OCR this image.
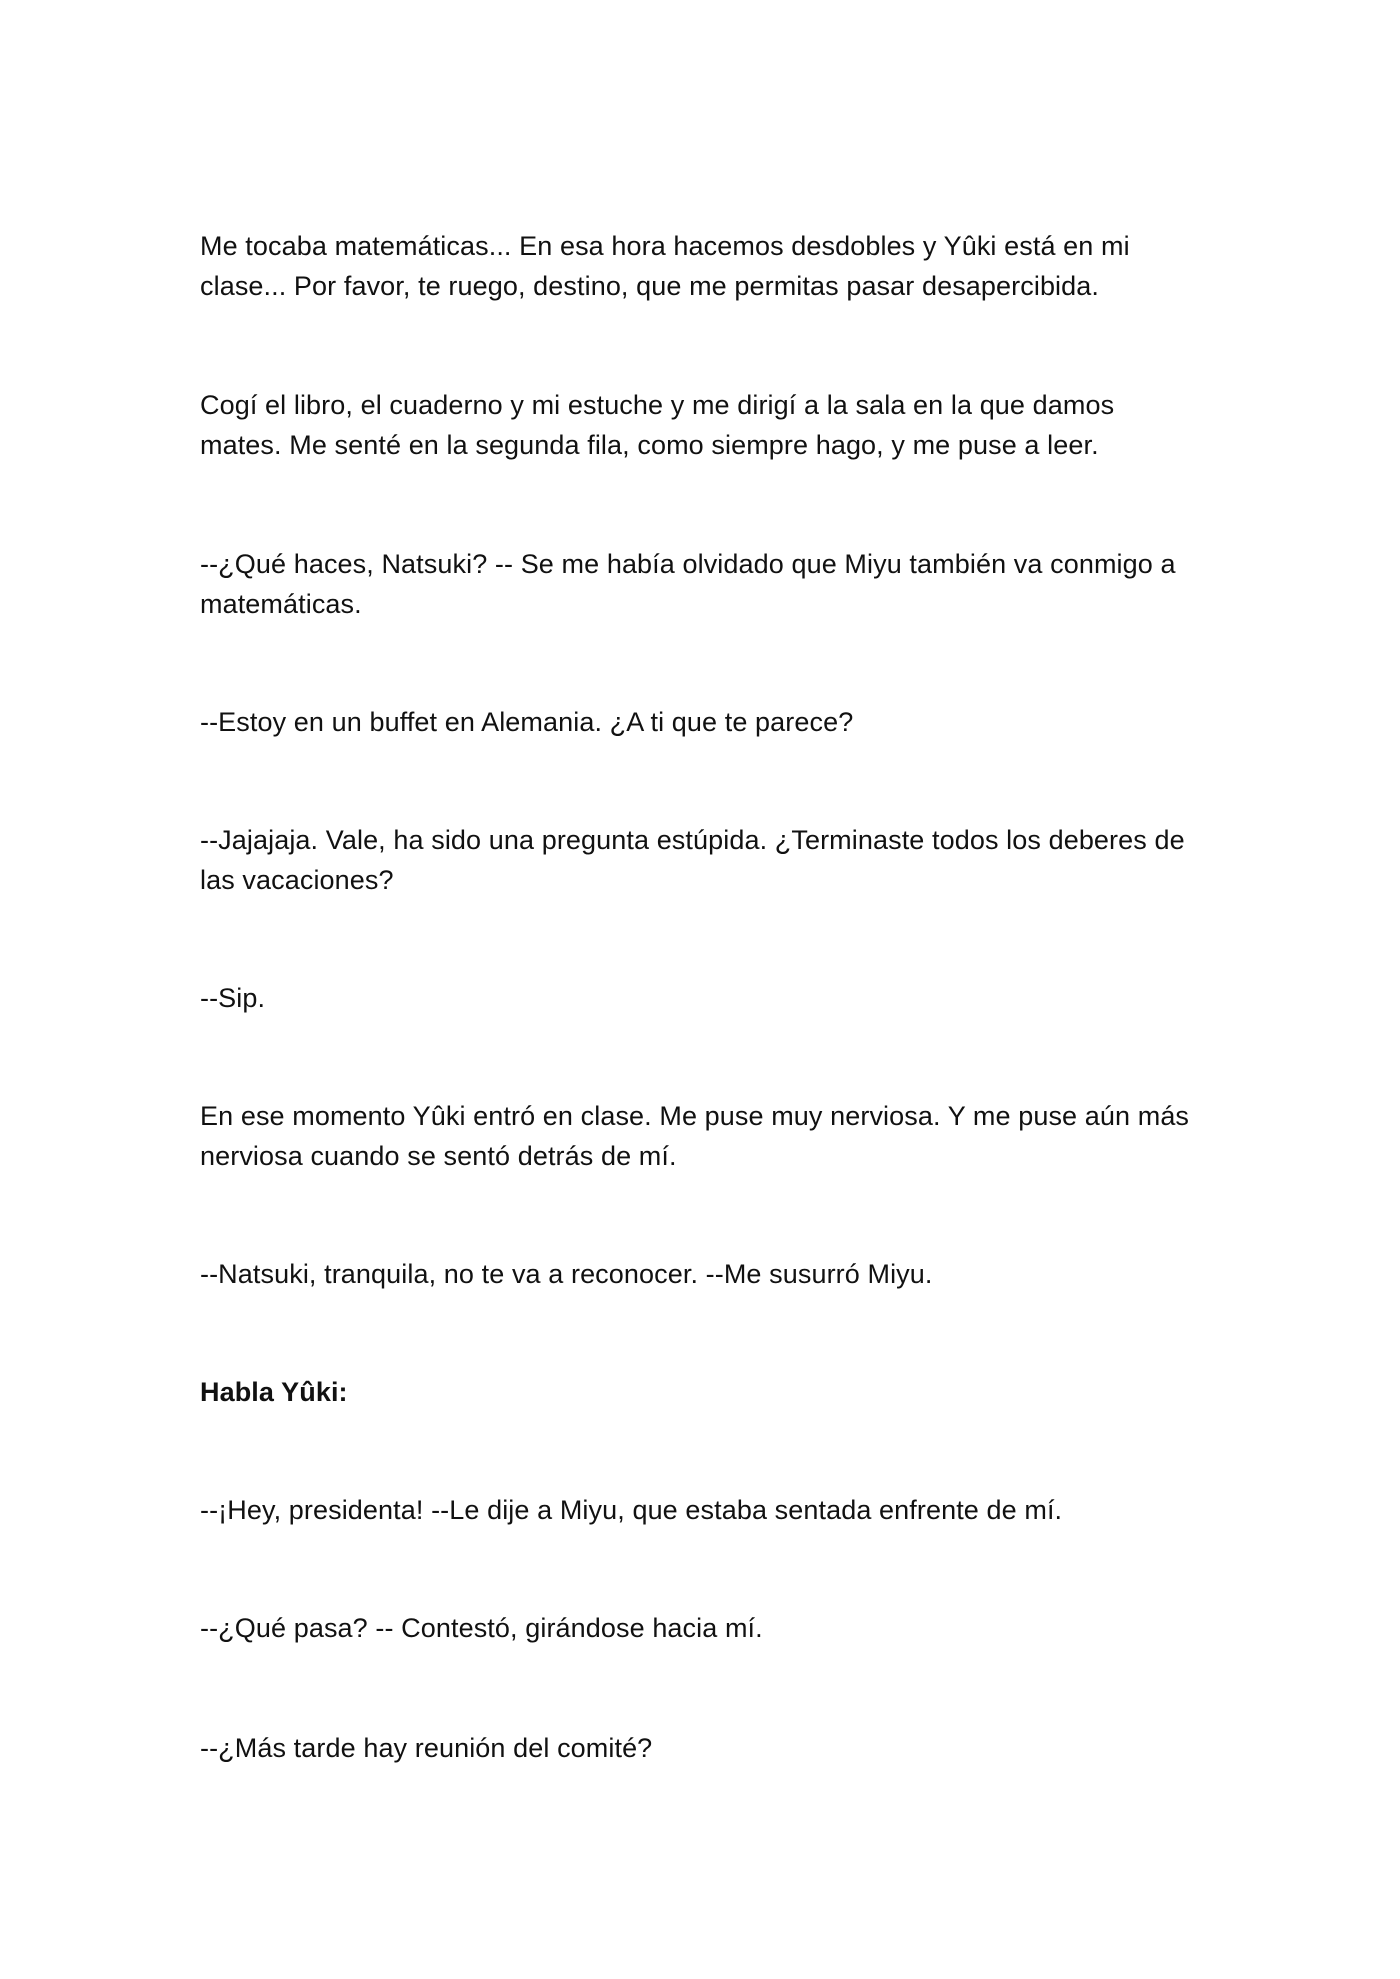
Me tocaba matemáticas... En esa hora hacemos desdobles y Yûki está en mi clase... Por favor, te ruego, destino, que me permitas pasar desapercibida.

Cogí el libro, el cuaderno y mi estuche y me dirigí a la sala en la que damos mates. Me senté en la segunda fila, como siempre hago, y me puse a leer.

--¿Qué haces, Natsuki? -- Se me había olvidado que Miyu también va conmigo a matemáticas.

--Estoy en un buffet en Alemania. ¿A ti que te parece?

--Jajajaja. Vale, ha sido una pregunta estúpida. ¿Terminaste todos los deberes de las vacaciones?

--Sip.

En ese momento Yûki entró en clase. Me puse muy nerviosa. Y me puse aún más nerviosa cuando se sentó detrás de mí.

--Natsuki, tranquila, no te va a reconocer. --Me susurró Miyu.

Habla Yûki:

--¡Hey, presidenta! --Le dije a Miyu, que estaba sentada enfrente de mí.

--¿Qué pasa? -- Contestó, girándose hacia mí.

--¿Más tarde hay reunión del comité?
